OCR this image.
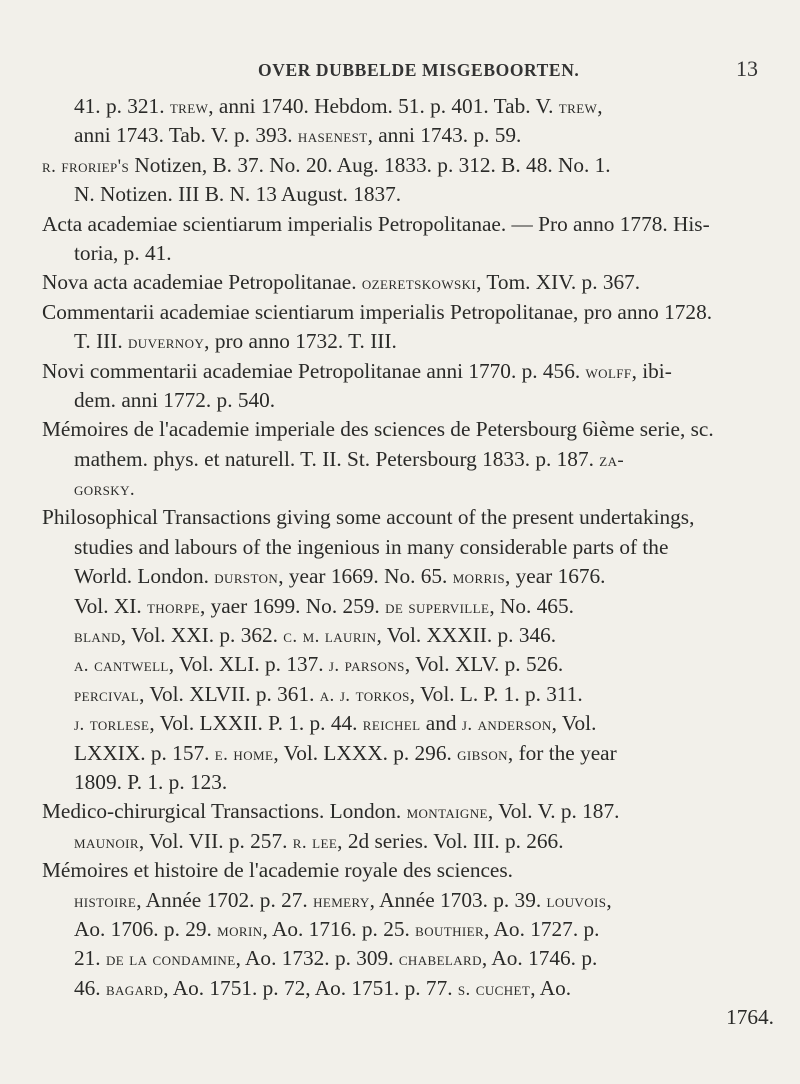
OVER DUBBELDE MISGEBOORTEN.	13
41. p. 321. trew, anni 1740. Hebdom. 51. p. 401. Tab. V. trew,
anni 1743. Tab. V. p. 393. hasenest, anni 1743. p. 59.
r. froriep's Notizen, B. 37. No. 20. Aug. 1833. p. 312. B. 48. No. 1.
N. Notizen. III B. N. 13 August. 1837.
Acta academiae scientiarum imperialis Petropolitanae. — Pro anno 1778. His-
toria, p. 41.
Nova acta academiae Petropolitanae. ozeretskowski, Tom. XIV. p. 367.
Commentarii academiae scientiarum imperialis Petropolitanae, pro anno 1728.
T. III. duvernoy, pro anno 1732. T. III.
Novi commentarii academiae Petropolitanae anni 1770. p. 456. wolff, ibi-
dem. anni 1772. p. 540.
Mémoires de l'academie imperiale des sciences de Petersbourg 6ième serie, sc.
mathem. phys. et naturell. T. II. St. Petersbourg 1833. p. 187. za-
gorsky.
Philosophical Transactions giving some account of the present undertakings,
studies and labours of the ingenious in many considerable parts of the
World. London. durston, year 1669. No. 65. morris, year 1676.
Vol. XI. thorpe, yaer 1699. No. 259. de superville, No. 465.
bland, Vol. XXI. p. 362. c. m. laurin, Vol. XXXII. p. 346.
a. cantwell, Vol. XLI. p. 137. j. parsons, Vol. XLV. p. 526.
percival, Vol. XLVII. p. 361. a. j. torkos, Vol. L. P. 1. p. 311.
j. torlese, Vol. LXXII. P. 1. p. 44. reichel and j. anderson, Vol.
LXXIX. p. 157. e. home, Vol. LXXX. p. 296. gibson, for the year
1809. P. 1. p. 123.
Medico-chirurgical Transactions. London. montaigne, Vol. V. p. 187.
maunoir, Vol. VII. p. 257. r. lee, 2d series. Vol. III. p. 266.
Mémoires et histoire de l'academie royale des sciences.
histoire, Année 1702. p. 27. hemery, Année 1703. p. 39. louvois,
Ao. 1706. p. 29. morin, Ao. 1716. p. 25. bouthier, Ao. 1727. p.
21. de la condamine, Ao. 1732. p. 309. chabelard, Ao. 1746. p.
46. bagard, Ao. 1751. p. 72, Ao. 1751. p. 77. s. cuchet, Ao.
1764.
